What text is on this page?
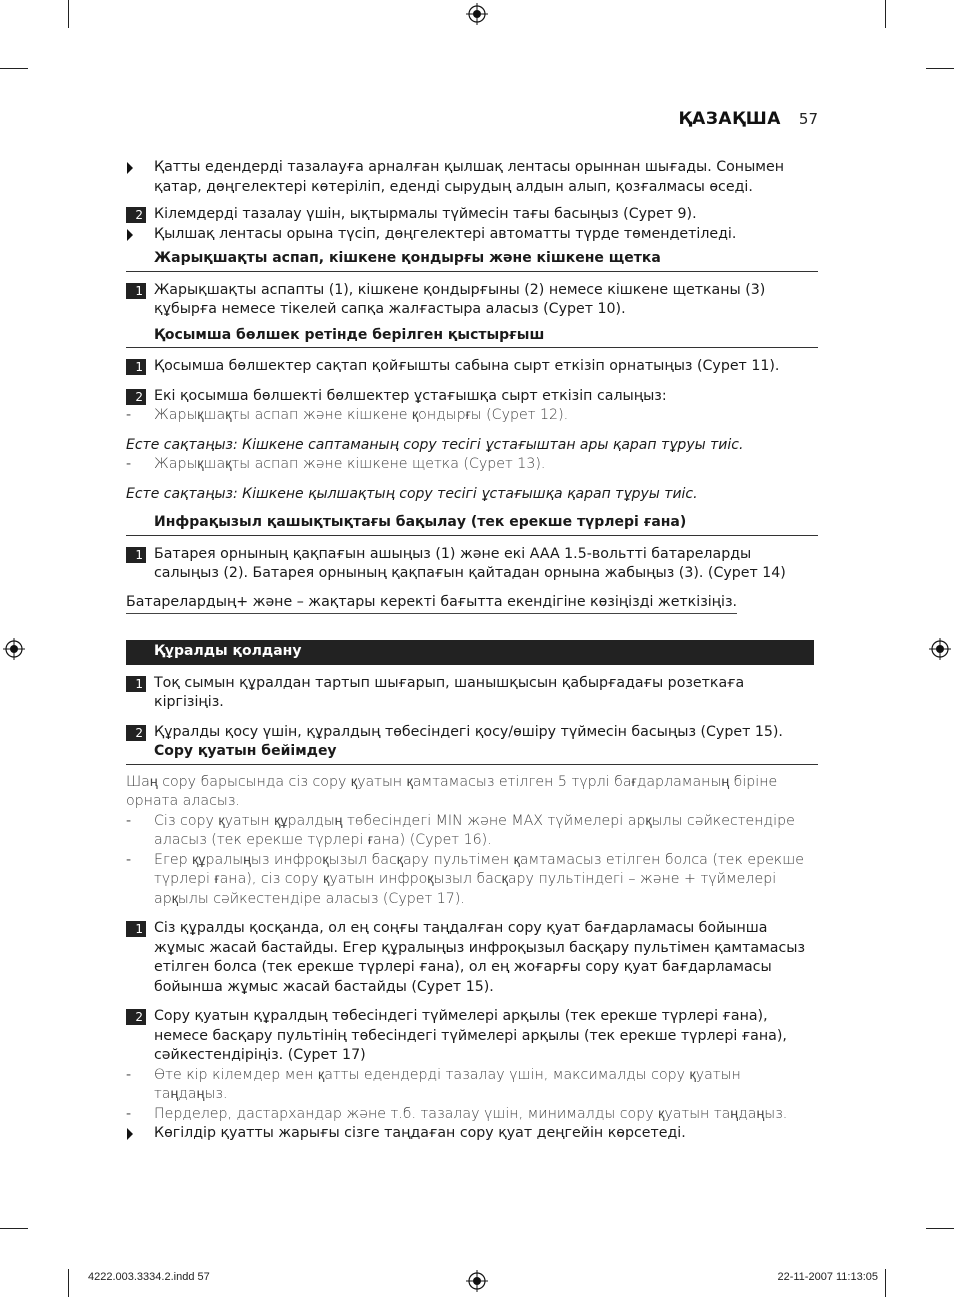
ҚАЗАҚША 57
Қатты едендерді тазалауға арналған қылшақ лентасы орыннан шығады. Сонымен қатар, дөңгелектері көтеріліп, еденді сырудың алдын алып, қозғалмасы өседі.
2 Кілемдерді тазалау үшін, ықтырмалы түймесін тағы басыңыз (Сурет 9).
Қылшақ лентасы орына түсіп, дөңгелектері автоматты түрде төмендетіледі.
Жарықшақты аспап, кішкене қондырғы және кішкене щетка
1 Жарықшақты аспапты (1), кішкене қондырғыны (2) немесе кішкене щетканы (3) құбырға немесе тікелей сапқа жалғастыра аласыз (Сурет 10).
Қосымша бөлшек ретінде берілген қыстырғыш
1 Қосымша бөлшектер сақтап қойғышты сабына сырт еткізіп орнатыңыз (Сурет 11).
2 Екі қосымша бөлшекті бөлшектер ұстағышқа сырт еткізіп салыңыз:
- Жарықшақты аспап және кішкене қондырғы (Сурет 12).
Есте сақтаңыз: Кішкене саптаманың сору тесігі ұстағыштан ары қарап тұруы тиіс.
- Жарықшақты аспап және кішкене щетка (Сурет 13).
Есте сақтаңыз: Кішкене қылшақтың сору тесігі ұстағышқа қарап тұруы тиіс.
Инфрақызыл қашықтықтағы бақылау (тек ерекше түрлері ғана)
1 Батарея орнының қақпағын ашыңыз (1) және екі AAA 1.5-вольтті батареларды салыңыз (2). Батарея орнының қақпағын қайтадан орнына жабыңыз (3). (Сурет 14)
Батарелардың+ және – жақтары керекті бағытта екендігіне көзіңізді жеткізіңіз.
Құралды қолдану
1 Тоқ сымын құралдан тартып шығарып, шанышқысын қабырғадағы розеткаға кіргізіңіз.
2 Құралды қосу үшін, құралдың төбесіндегі қосу/өшіру түймесін басыңыз (Сурет 15).
Сору қуатын бейімдеу
Шаң сору барысында сіз сору қуатын қамтамасыз етілген 5 түрлі бағдарламаның біріне орната аласыз.
- Сіз сору қуатын құралдың төбесіндегі MIN және MAX түймелері арқылы сәйкестендіре аласыз (тек ерекше түрлері ғана) (Сурет 16).
- Егер құралыңыз инфроқызыл басқару пультімен қамтамасыз етілген болса (тек ерекше түрлері ғана), сіз сору қуатын инфроқызыл басқару пультіндегі – және + түймелері арқылы сәйкестендіре аласыз (Сурет 17).
1 Сіз құралды қосқанда, ол ең соңғы таңдалған сору қуат бағдарламасы бойынша жұмыс жасай бастайды. Егер құралыңыз инфроқызыл басқару пультімен қамтамасыз етілген болса (тек ерекше түрлері ғана), ол ең жоғарғы сору қуат бағдарламасы бойынша жұмыс жасай бастайды (Сурет 15).
2 Сору қуатын құралдың төбесіндегі түймелері арқылы (тек ерекше түрлері ғана), немесе басқару пультінің төбесіндегі түймелері арқылы (тек ерекше түрлері ғана), сәйкестендіріңіз. (Сурет 17)
- Өте кір кілемдер мен қатты едендерді тазалау үшін, максималды сору қуатын таңдаңыз.
- Перделер, дастархандар және т.б. тазалау үшін, минималды сору қуатын таңдаңыз.
Көгілдір қуатты жарығы сізге таңдаған сору қуат деңгейін көрсетеді.
4222.003.3334.2.indd 57	22-11-2007 11:13:05
